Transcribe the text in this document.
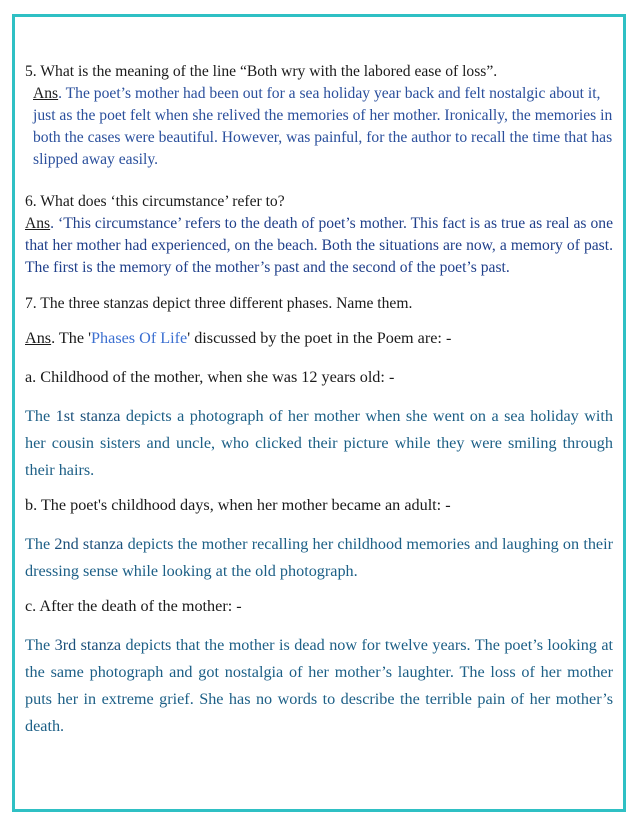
5. What is the meaning of the line “Both wry with the labored ease of loss”.

Ans. The poet’s mother had been out for a sea holiday year back and felt nostalgic about it, just as the poet felt when she relived the memories of her mother. Ironically, the memories in both the cases were beautiful. However, was painful, for the author to recall the time that has slipped away easily.

6. What does ‘this circumstance’ refer to?

Ans. ‘This circumstance’ refers to the death of poet’s mother. This fact is as true as real as one that her mother had experienced, on the beach. Both the situations are now, a memory of past. The first is the memory of the mother’s past and the second of the poet’s past.

7. The three stanzas depict three different phases. Name them.

Ans. The 'Phases Of Life' discussed by the poet in the Poem are: -

a. Childhood of the mother, when she was 12 years old: -

The 1st stanza depicts a photograph of her mother when she went on a sea holiday with her cousin sisters and uncle, who clicked their picture while they were smiling through their hairs.

b. The poet's childhood days, when her mother became an adult: -

The 2nd stanza depicts the mother recalling her childhood memories and laughing on their dressing sense while looking at the old photograph.

c. After the death of the mother: -

The 3rd stanza depicts that the mother is dead now for twelve years. The poet’s looking at the same photograph and got nostalgia of her mother’s laughter. The loss of her mother puts her in extreme grief. She has no words to describe the terrible pain of her mother’s death.
